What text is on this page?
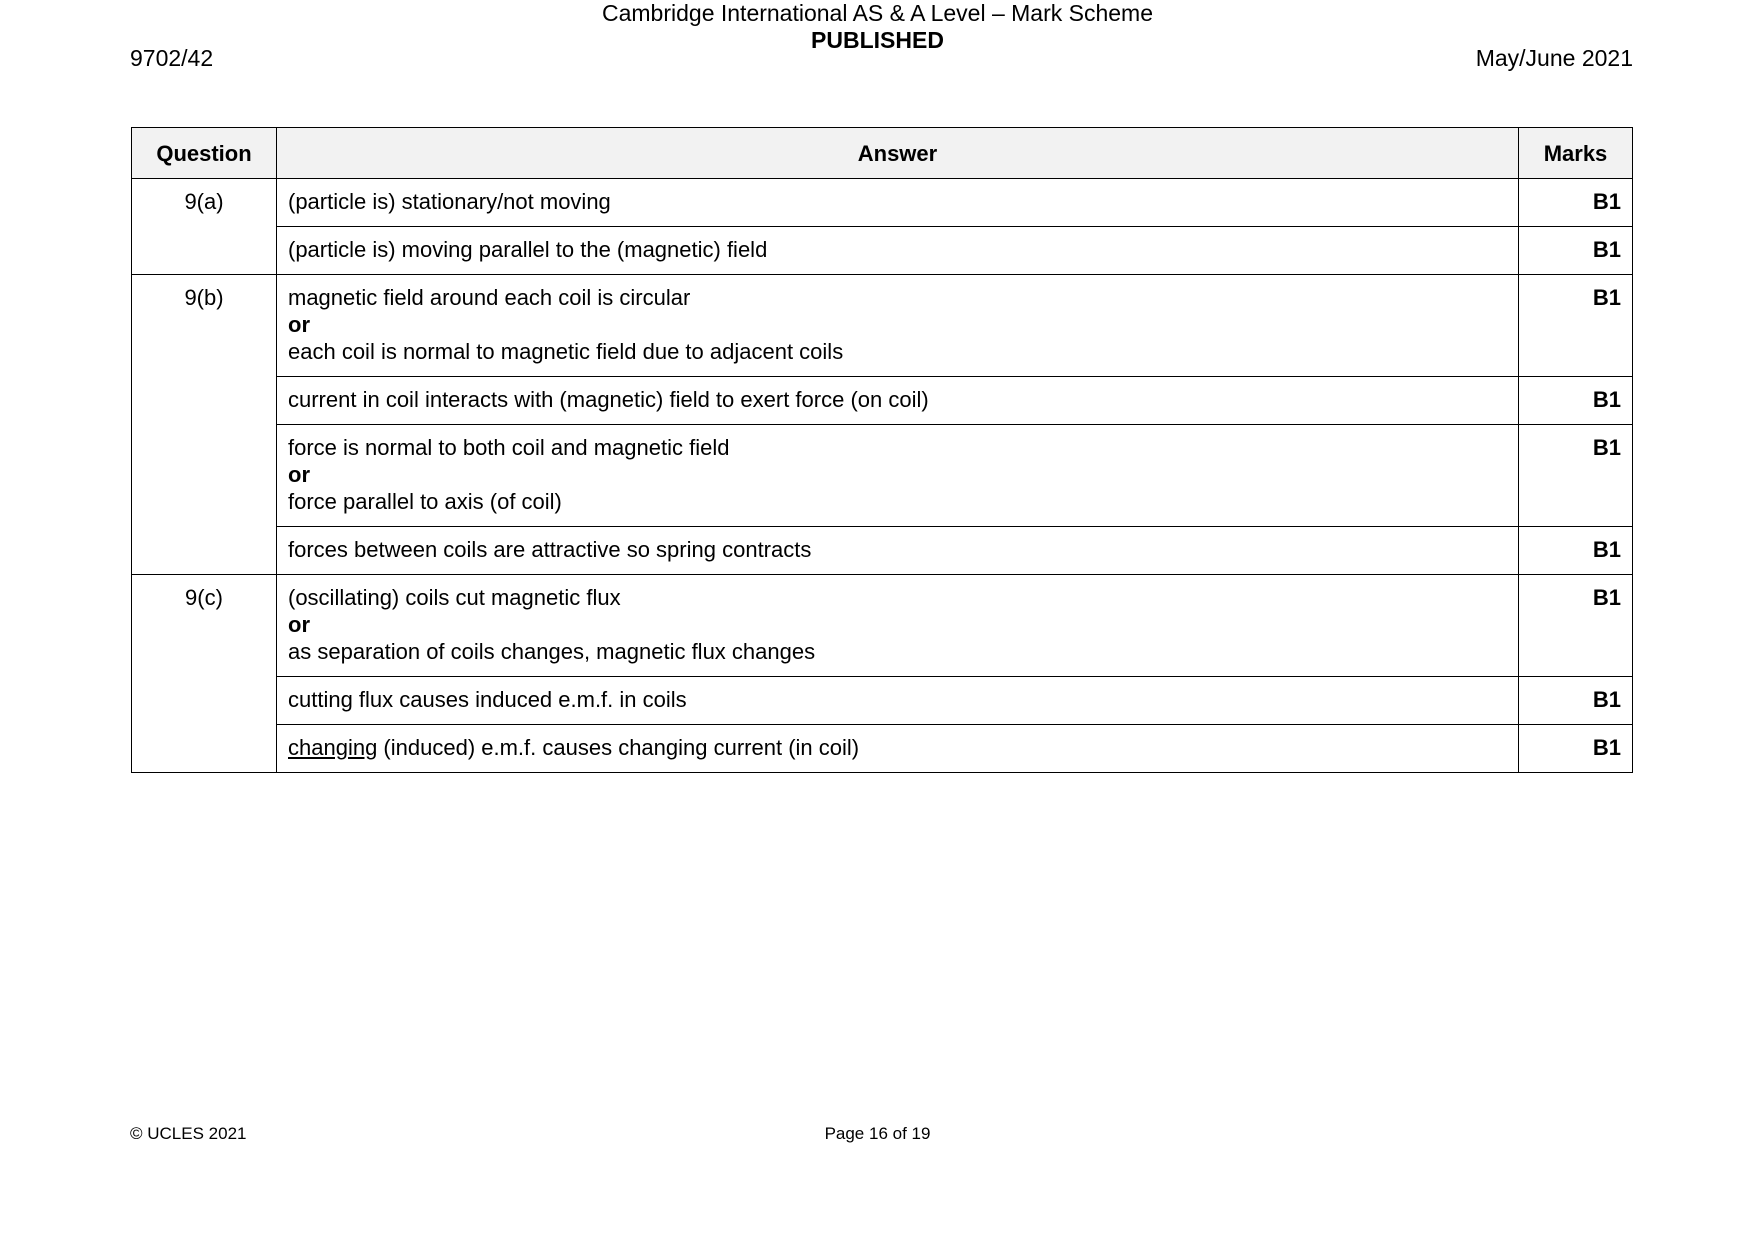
9702/42
Cambridge International AS & A Level – Mark Scheme
PUBLISHED
May/June 2021
Question	Answer	Marks
9(a)	(particle is) stationary/not moving	B1
	(particle is) moving parallel to the (magnetic) field	B1
9(b)	magnetic field around each coil is circular
or
each coil is normal to magnetic field due to adjacent coils	B1
	current in coil interacts with (magnetic) field to exert force (on coil)	B1

	force is normal to both coil and magnetic field
or
force parallel to axis (of coil)	B1
	forces between coils are attractive so spring contracts	B1
9(c)	(oscillating) coils cut magnetic flux
or
as separation of coils changes, magnetic flux changes	B1
	cutting flux causes induced e.m.f. in coils	B1
	changing (induced) e.m.f. causes changing current (in coil)	B1
© UCLES 2021	Page 16 of 19
